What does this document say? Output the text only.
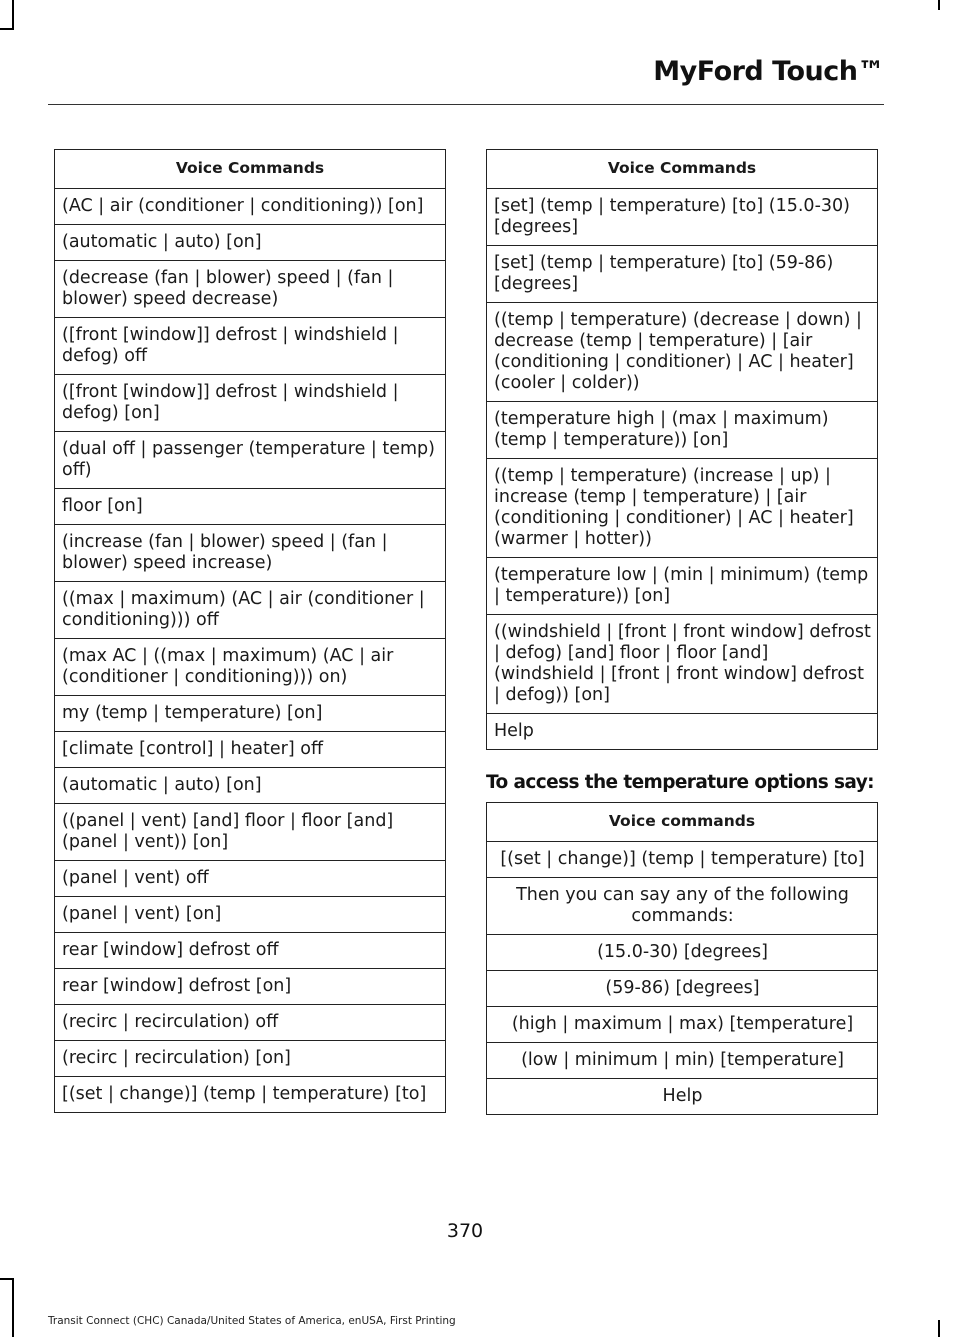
MyFord Touch™
Voice Commands
(AC | air (conditioner | conditioning)) [on]
(automatic | auto) [on]
(decrease (fan | blower) speed | (fan | blower) speed decrease)
([front [window]] defrost | windshield | defog) off
([front [window]] defrost | windshield | defog) [on]
(dual off | passenger (temperature | temp) off)
floor [on]
(increase (fan | blower) speed | (fan | blower) speed increase)
((max | maximum) (AC | air (conditioner | conditioning))) off
(max AC | ((max | maximum) (AC | air (conditioner | conditioning))) on)
my (temp | temperature) [on]
[climate [control] | heater] off
(automatic | auto) [on]
((panel | vent) [and] floor | floor [and] (panel | vent)) [on]
(panel | vent) off
(panel | vent) [on]
rear [window] defrost off
rear [window] defrost [on]
(recirc | recirculation) off
(recirc | recirculation) [on]
[(set | change)] (temp | temperature) [to]
Voice Commands
[set] (temp | temperature) [to] (15.0-30) [degrees]
[set] (temp | temperature) [to] (59-86) [degrees]
((temp | temperature) (decrease | down) | decrease (temp | temperature) | [air (conditioning | conditioner) | AC | heater] (cooler | colder))
(temperature high | (max | maximum) (temp | temperature)) [on]
((temp | temperature) (increase | up) | increase (temp | temperature) | [air (conditioning | conditioner) | AC | heater] (warmer | hotter))
(temperature low | (min | minimum) (temp | temperature)) [on]
((windshield | [front | front window] defrost | defog) [and] floor | floor [and] (windshield | [front | front window] defrost | defog)) [on]
Help
To access the temperature options say:
Voice commands
[(set | change)] (temp | temperature) [to]
Then you can say any of the following commands:
(15.0-30) [degrees]
(59-86) [degrees]
(high | maximum | max) [temperature]
(low | minimum | min) [temperature]
Help
370
Transit Connect (CHC) Canada/United States of America, enUSA, First Printing
